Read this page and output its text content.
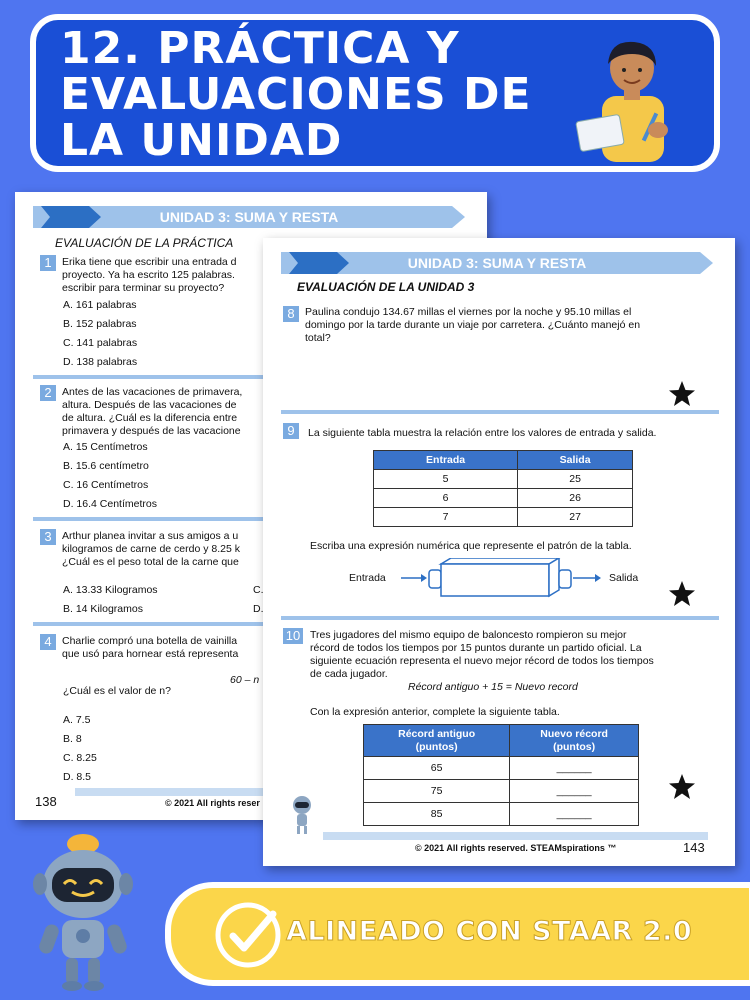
12. PRÁCTICA Y EVALUACIONES DE LA UNIDAD
UNIDAD 3: SUMA Y RESTA
EVALUACIÓN DE LA PRÁCTICA
1 Erika tiene que escribir una entrada d
proyecto. Ya ha escrito 125 palabras.
escribir para terminar su proyecto?
A. 161 palabras
B. 152 palabras
C. 141 palabras
D. 138 palabras
2 Antes de las vacaciones de primavera,
altura. Después de las vacaciones de
de altura. ¿Cuál es la diferencia entre
primavera y después de las vacacione
A. 15 Centímetros
B. 15.6 centímetro
C. 16 Centímetros
D. 16.4 Centímetros
3 Arthur planea invitar a sus amigos a u
kilogramos de carne de cerdo y 8.25 k
¿Cuál es el peso total de la carne que
A. 13.33 Kilogramos
B. 14 Kilogramos
C.
D.
4 Charlie compró una botella de vainilla
que usó para hornear está representa
60 – n
¿Cuál es el valor de n?
A. 7.5
B. 8
C. 8.25
D. 8.5
138	© 2021 All rights reser
UNIDAD 3: SUMA Y RESTA
EVALUACIÓN DE LA UNIDAD 3
8 Paulina condujo 134.67 millas el viernes por la noche y 95.10 millas el
domingo por la tarde durante un viaje por carretera. ¿Cuánto manejó en
total?
9	La siguiente tabla muestra la relación entre los valores de entrada y salida.
Entrada	Salida
5	25
6	26
7	27
Escriba una expresión numérica que represente el patrón de la tabla.
Entrada	Salida
10 Tres jugadores del mismo equipo de baloncesto rompieron su mejor
récord de todos los tiempos por 15 puntos durante un partido oficial. La
siguiente ecuación representa el nuevo mejor récord de todos los tiempos
de cada jugador.
Récord antiguo + 15 = Nuevo record
Con la expresión anterior, complete la siguiente tabla.
Récord antiguo
(puntos)	Nuevo récord
(puntos)
65	______
75	______
85	______
© 2021 All rights reserved. STEAMspirations ™	143
ALINEADO CON STAAR 2.0
